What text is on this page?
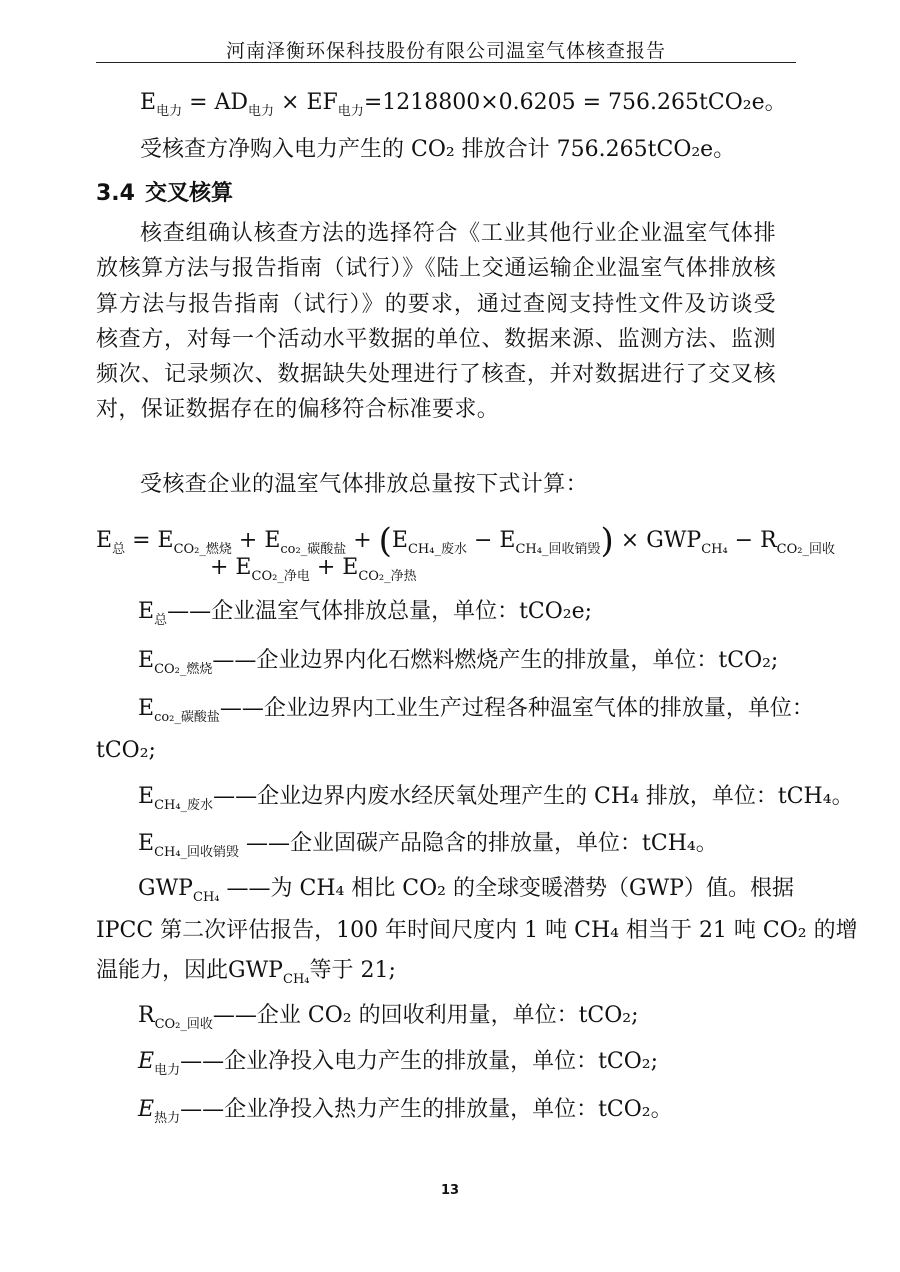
河南泽衡环保科技股份有限公司温室气体核查报告
$E_{电力} = AD_{电力} \times EF_{电力}=1218800\times 0.6205 = 756.265tCO_2e$。
受核查方净购入电力产生的 CO₂ 排放合计 756.265tCO₂e。
3.4 交叉核算
核查组确认核查方法的选择符合《工业其他行业企业温室气体排放核算方法与报告指南（试行）》《陆上交通运输企业温室气体排放核算方法与报告指南（试行）》的要求，通过查阅支持性文件及访谈受核查方，对每一个活动水平数据的单位、数据来源、监测方法、监测频次、记录频次、数据缺失处理进行了核查，并对数据进行了交叉核对，保证数据存在的偏移符合标准要求。
受核查企业的温室气体排放总量按下式计算：
$E_总 = E_{CO_2\_燃烧} + E_{co_2\_碳酸盐} + (E_{CH_4\_废水} - E_{CH_4\_回收销毁}) \times GWP_{CH_4} - R_{CO_2\_回收}$
+ $E_{CO_2\_净电} + E_{CO_2\_净热}$
$E_总——$企业温室气体排放总量，单位：tCO₂e;
$E_{CO_2\_燃烧}——$企业边界内化石燃料燃烧产生的排放量，单位：tCO₂;
$E_{co_2\_碳酸盐}——$企业边界内工业生产过程各种温室气体的排放量，单位：
tCO₂;
$E_{CH_4\_废水}——$企业边界内废水经厌氧处理产生的 CH₄ 排放，单位：tCH₄。
$E_{CH_4\_回收销毁}$ ——企业固碳产品隐含的排放量，单位：tCH₄。
$GWP_{CH_4}$ ——为 CH₄ 相比 CO₂ 的全球变暖潜势（GWP）值。根据
IPCC 第二次评估报告，100 年时间尺度内 1 吨 CH₄ 相当于 21 吨 CO₂ 的增
温能力，因此$GWP_{CH_4}$等于 21;
$R_{CO_2\_回收}——$企业 CO₂ 的回收利用量，单位：tCO₂;
$E_{电力}——$企业净投入电力产生的排放量，单位：tCO₂;
$E_{热力}——$企业净投入热力产生的排放量，单位：tCO₂。
13
